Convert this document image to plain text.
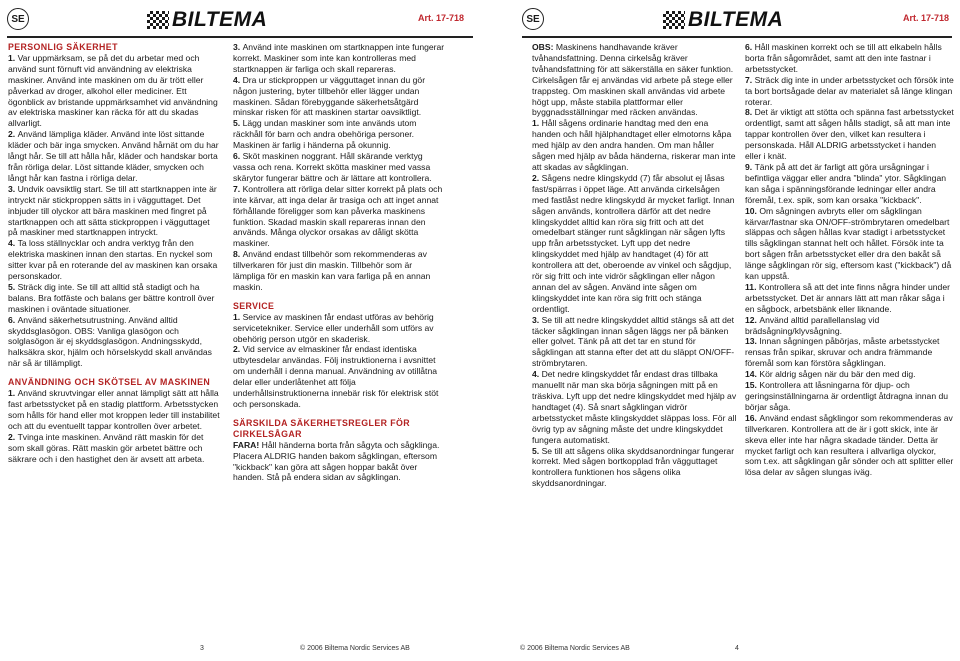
SE	BILTEMA	Art. 17-718

PERSONLIG SÄKERHET

1. Var uppmärksam, se på det du arbetar med och använd sunt förnuft vid användning av elektriska maskiner. Använd inte maskinen om du är trött eller påverkad av droger, alkohol eller mediciner. Ett ögonblick av bristande uppmärksamhet vid användning av elektriska maskiner kan räcka för att du skadas allvarligt.

2. Använd lämpliga kläder. Använd inte löst sittande kläder och bär inga smycken. Använd hårnät om du har långt hår. Se till att hålla hår, kläder och handskar borta från rörliga delar. Löst sittande kläder, smycken och långt hår kan fastna i rörliga delar.

3. Undvik oavsiktlig start. Se till att startknappen inte är intryckt när stickproppen sätts in i vägguttaget. Det inbjuder till olyckor att bära maskinen med fingret på startknappen och att sätta stickproppen i vägguttaget på maskiner med startknappen intryckt.

4. Ta loss ställnycklar och andra verktyg från den elektriska maskinen innan den startas. En nyckel som sitter kvar på en roterande del av maskinen kan orsaka personskador.

5. Sträck dig inte. Se till att alltid stå stadigt och ha balans. Bra fotfäste och balans ger bättre kontroll över maskinen i oväntade situationer.

6. Använd säkerhetsutrustning. Använd alltid skyddsglasögon. OBS: Vanliga glasögon och solglasögon är ej skyddsglasögon. Andningsskydd, halksäkra skor, hjälm och hörselskydd skall användas när så är tillämpligt.

ANVÄNDNING OCH SKÖTSEL AV MASKINEN

1. Använd skruvtvingar eller annat lämpligt sätt att hålla fast arbetsstycket på en stadig plattform. Arbetsstycken som hålls för hand eller mot kroppen leder till instabilitet och att du eventuellt tappar kontrollen över arbetet.

2. Tvinga inte maskinen. Använd rätt maskin för det som skall göras. Rätt maskin gör arbetet bättre och säkrare och i den hastighet den är avsett att arbeta.

3. Använd inte maskinen om startknappen inte fungerar korrekt. Maskiner som inte kan kontrolleras med startknappen är farliga och skall repareras.

4. Dra ur stickproppen ur vägguttaget innan du gör någon justering, byter tillbehör eller lägger undan maskinen. Sådan förebyggande säkerhetsåtgärd minskar risken för att maskinen startar oavsiktligt.

5. Lägg undan maskiner som inte används utom räckhåll för barn och andra obehöriga personer. Maskinen är farlig i händerna på okunnig.

6. Sköt maskinen noggrant. Håll skärande verktyg vassa och rena. Korrekt skötta maskiner med vassa skärytor fungerar bättre och är lättare att kontrollera.

7. Kontrollera att rörliga delar sitter korrekt på plats och inte kärvar, att inga delar är trasiga och att inget annat förhållande föreligger som kan påverka maskinens funktion. Skadad maskin skall repareras innan den används. Många olyckor orsakas av dåligt skötta maskiner.

8. Använd endast tillbehör som rekommenderas av tillverkaren för just din maskin. Tillbehör som är lämpliga för en maskin kan vara farliga på en annan maskin.

SERVICE

1. Service av maskinen får endast utföras av behörig servicetekniker. Service eller underhåll som utförs av obehörig person utgör en skaderisk.

2. Vid service av elmaskiner får endast identiska utbytesdelar användas. Följ instruktionerna i avsnittet om underhåll i denna manual. Användning av otillåtna delar eller underlåtenhet att följa underhållsinstruktionerna innebär risk för elektrisk stöt och personskada.

SÄRSKILDA SÄKERHETSREGLER FÖR CIRKELSÅGAR

FARA! Håll händerna borta från sågyta och sågklinga. Placera ALDRIG handen bakom sågklingan, eftersom "kickback" kan göra att sågen hoppar bakåt över handen. Stå på endera sidan av sågklingan.

3	© 2006 Biltema Nordic Services AB
SE	BILTEMA	Art. 17-718

OBS: Maskinens handhavande kräver tvåhandsfattning. Denna cirkelsåg kräver tvåhandsfattning för att säkerställa en säker funktion. Cirkelsågen får ej användas vid arbete på stege eller trappsteg. Om maskinen skall användas vid arbete högt upp, måste stabila plattformar eller byggnadsställningar med räcken användas.

1. Håll sågens ordinarie handtag med den ena handen och håll hjälphandtaget eller elmotorns kåpa med hjälp av den andra handen. Om man håller sågen med hjälp av båda händerna, riskerar man inte att skadas av sågklingan.

2. Sågens nedre klingskydd (7) får absolut ej låsas fast/spärras i öppet läge. Att använda cirkelsågen med fastlåst nedre klingskydd är mycket farligt. Innan sågen används, kontrollera därför att det nedre klingskyddet alltid kan röra sig fritt och att det omedelbart stänger runt sågklingan när sågen lyfts upp från arbetsstycket. Lyft upp det nedre klingskyddet med hjälp av handtaget (4) för att kontrollera att det, oberoende av vinkel och sågdjup, rör sig fritt och inte vidrör sågklingan eller någon annan del av sågen. Använd inte sågen om klingskyddet inte kan röra sig fritt och stänga ordentligt.

3. Se till att nedre klingskyddet alltid stängs så att det täcker sågklingan innan sågen läggs ner på bänken eller golvet. Tänk på att det tar en stund för sågklingan att stanna efter det att du släppt ON/OFF-strömbrytaren.

4. Det nedre klingskyddet får endast dras tillbaka manuellt när man ska börja sågningen mitt på en träskiva. Lyft upp det nedre klingskyddet med hjälp av handtaget (4). Så snart sågklingan vidrör arbetsstycket måste klingskyddet släppas loss. För all övrig typ av sågning måste det undre klingskyddet fungera automatiskt.

5. Se till att sågens olika skyddsanordningar fungerar korrekt. Med sågen bortkopplad från vägguttaget kontrollera funktionen hos sågens olika skyddsanordningar.

6. Håll maskinen korrekt och se till att elkabeln hålls borta från sågområdet, samt att den inte fastnar i arbetsstycket.

7. Sträck dig inte in under arbetsstycket och försök inte ta bort bortsågade delar av materialet så länge klingan roterar.

8. Det är viktigt att stötta och spänna fast arbetsstycket ordentligt, samt att sågen hålls stadigt, så att man inte tappar kontrollen över den, vilket kan resultera i personskada. Håll ALDRIG arbetsstycket i handen eller i knät.

9. Tänk på att det är farligt att göra ursågningar i befintliga väggar eller andra "blinda" ytor. Sågklingan kan såga i spänningsförande ledningar eller andra föremål, t.ex. spik, som kan orsaka "kickback".

10. Om sågningen avbryts eller om sågklingan kärvar/fastnar ska ON/OFF-strömbrytaren omedelbart släppas och sågen hållas kvar stadigt i arbetsstycket tills sågklingan stannat helt och hållet. Försök inte ta bort sågen från arbetsstycket eller dra den bakåt så länge sågklingan rör sig, eftersom kast ("kickback") då kan uppstå.

11. Kontrollera så att det inte finns några hinder under arbetsstycket. Det är annars lätt att man råkar såga i en sågbock, arbetsbänk eller liknande.

12. Använd alltid parallellanslag vid brädsågning/klyvsågning.

13. Innan sågningen påbörjas, måste arbetsstycket rensas från spikar, skruvar och andra främmande föremål som kan förstöra sågklingan.

14. Kör aldrig sågen när du bär den med dig.

15. Kontrollera att låsningarna för djup- och geringsinställningarna är ordentligt åtdragna innan du börjar såga.

16. Använd endast sågklingor som rekommenderas av tillverkaren. Kontrollera att de är i gott skick, inte är skeva eller inte har några skadade tänder. Detta är mycket farligt och kan resultera i allvarliga olyckor, som t.ex. att sågklingan går sönder och att splitter eller lösa delar av sågen slungas iväg.

© 2006 Biltema Nordic Services AB	4
